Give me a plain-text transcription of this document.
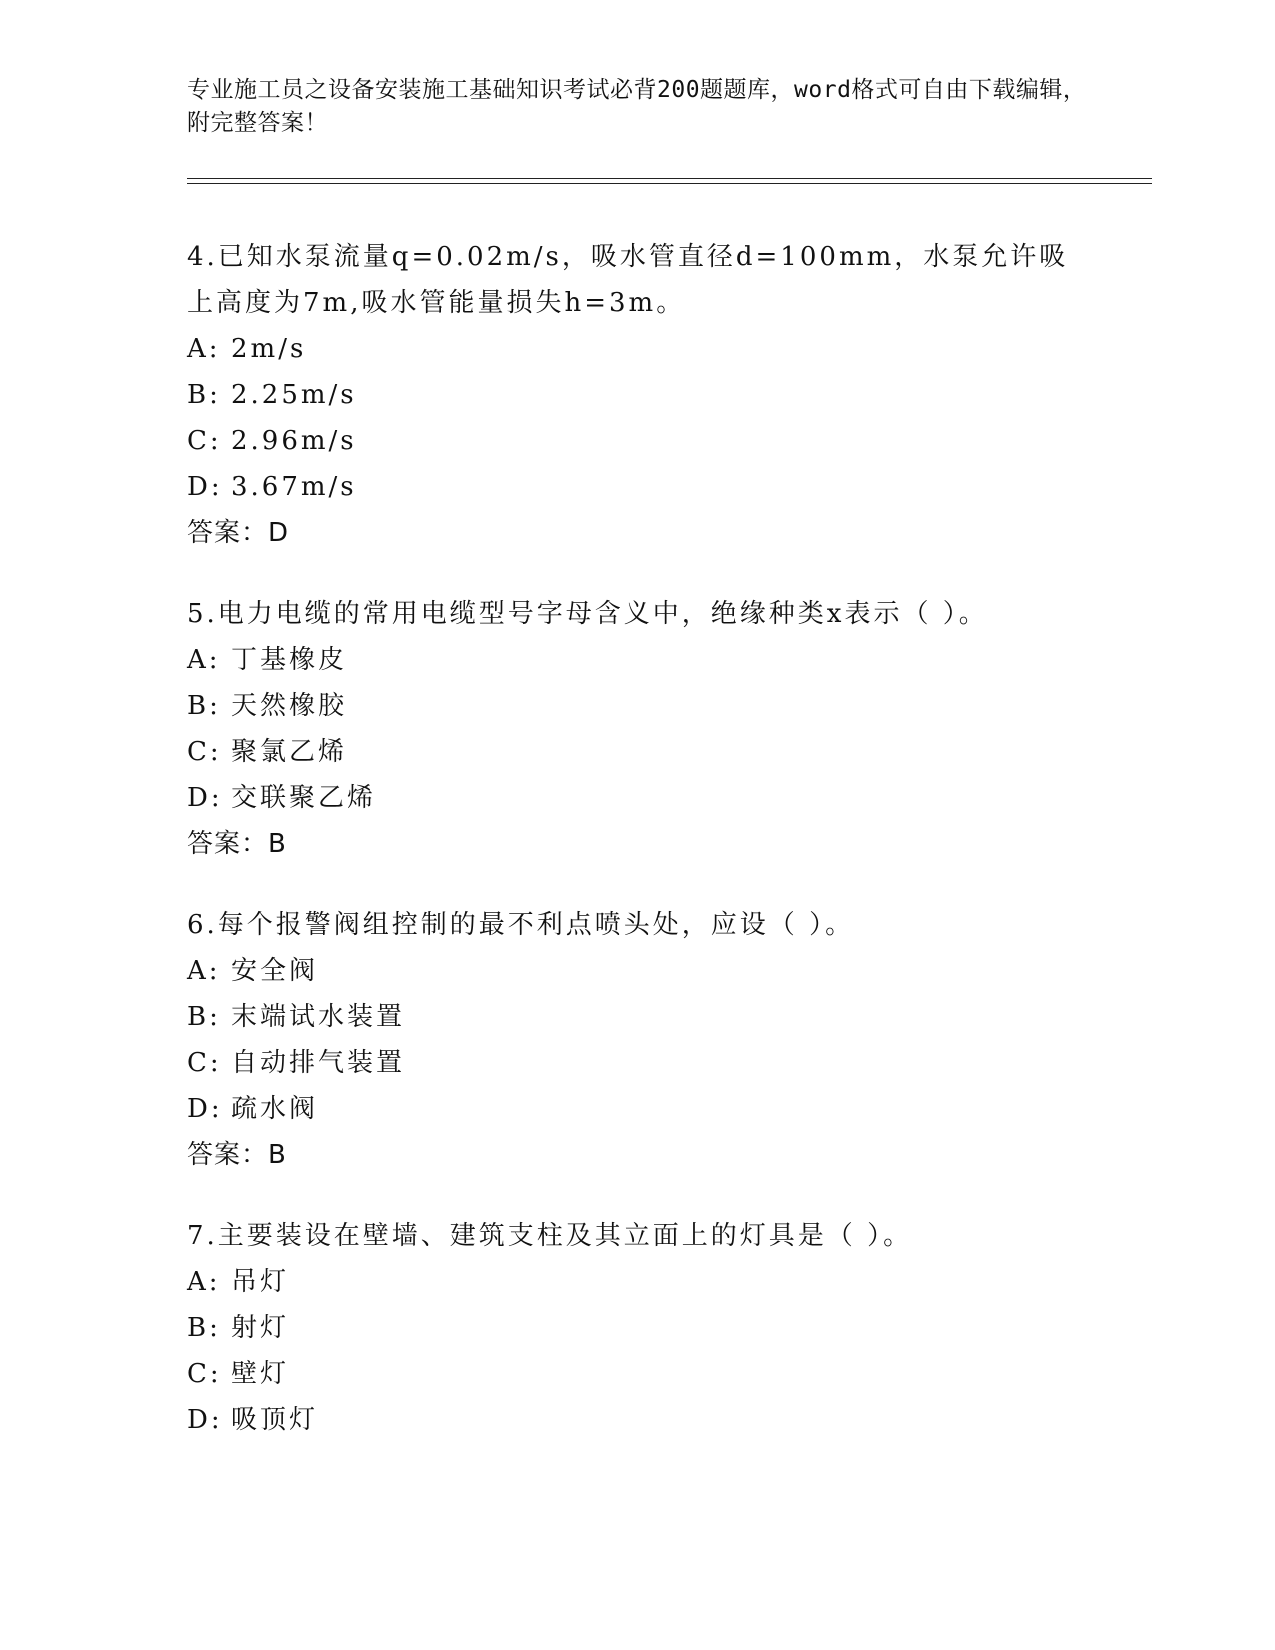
专业施工员之设备安装施工基础知识考试必背200题题库，word格式可自由下载编辑，附完整答案！
4.已知水泵流量q=0.02m/s，吸水管直径d=100mm，水泵允许吸上高度为7m,吸水管能量损失h=3m。
A: 2m/s
B: 2.25m/s
C: 2.96m/s
D: 3.67m/s
答案：D
5.电力电缆的常用电缆型号字母含义中，绝缘种类x表示（ ）。
A: 丁基橡皮
B: 天然橡胶
C: 聚氯乙烯
D: 交联聚乙烯
答案：B
6.每个报警阀组控制的最不利点喷头处，应设（ ）。
A: 安全阀
B: 末端试水装置
C: 自动排气装置
D: 疏水阀
答案：B
7.主要装设在壁墙、建筑支柱及其立面上的灯具是（ ）。
A: 吊灯
B: 射灯
C: 壁灯
D: 吸顶灯
